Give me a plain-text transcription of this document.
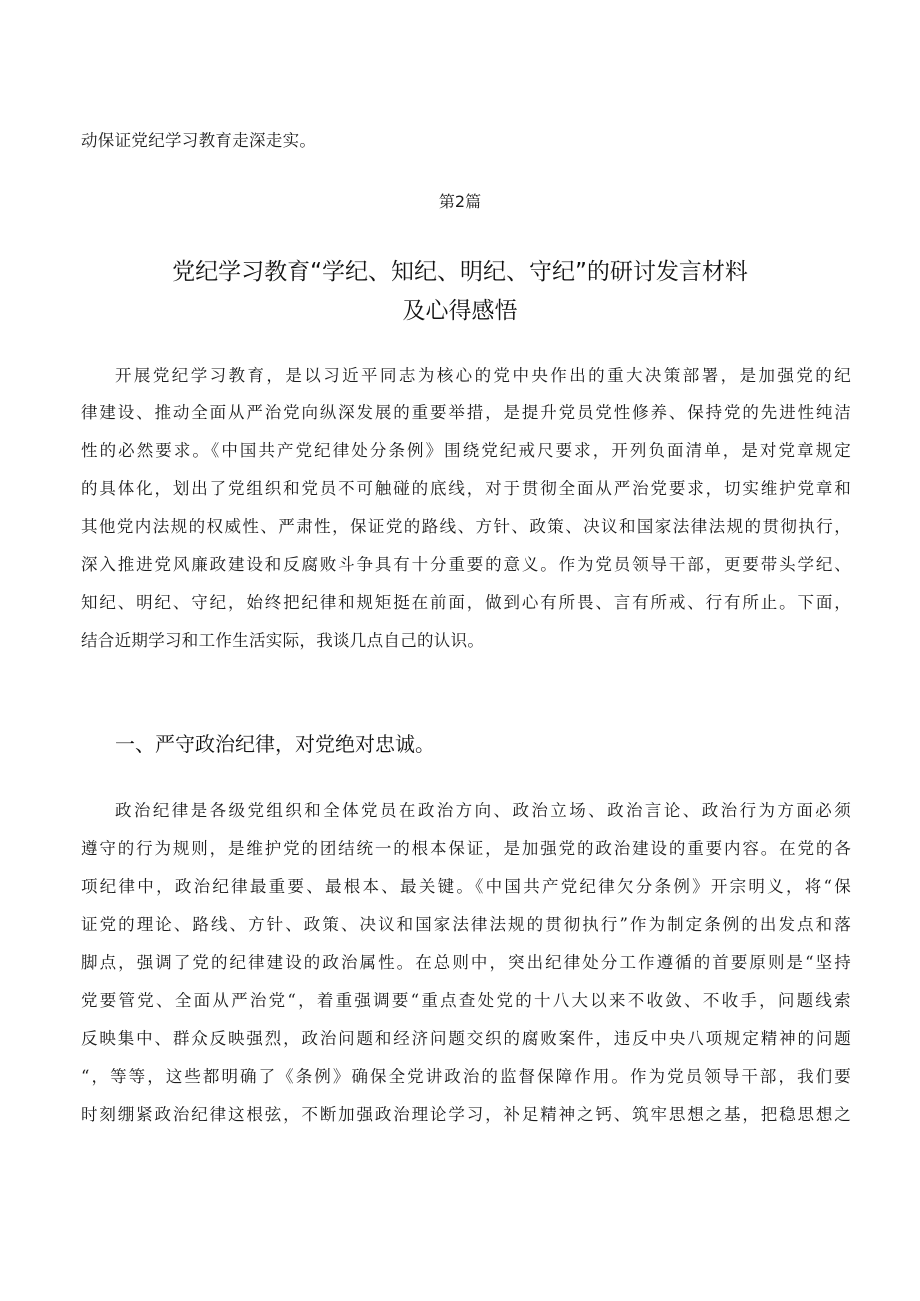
动保证党纪学习教育走深走实。
第2篇
党纪学习教育“学纪、知纪、明纪、守纪”的研讨发言材料
及心得感悟
开展党纪学习教育，是以习近平同志为核心的党中央作出的重大决策部署，是加强党的纪
律建设、推动全面从严治党向纵深发展的重要举措，是提升党员党性修养、保持党的先进性纯洁
性的必然要求。《中国共产党纪律处分条例》围绕党纪戒尺要求，开列负面清单，是对党章规定
的具体化，划出了党组织和党员不可触碰的底线，对于贯彻全面从严治党要求，切实维护党章和
其他党内法规的权威性、严肃性，保证党的路线、方针、政策、决议和国家法律法规的贯彻执行，
深入推进党风廉政建设和反腐败斗争具有十分重要的意义。作为党员领导干部，更要带头学纪、
知纪、明纪、守纪，始终把纪律和规矩挺在前面，做到心有所畏、言有所戒、行有所止。下面，
结合近期学习和工作生活实际，我谈几点自己的认识。
一、严守政治纪律，对党绝对忠诚。
政治纪律是各级党组织和全体党员在政治方向、政治立场、政治言论、政治行为方面必须
遵守的行为规则，是维护党的团结统一的根本保证，是加强党的政治建设的重要内容。在党的各
项纪律中，政治纪律最重要、最根本、最关键。《中国共产党纪律欠分条例》开宗明义，将“保
证党的理论、路线、方针、政策、决议和国家法律法规的贯彻执行”作为制定条例的出发点和落
脚点，强调了党的纪律建设的政治属性。在总则中，突出纪律处分工作遵循的首要原则是“坚持
党要管党、全面从严治党“，着重强调要“重点查处党的十八大以来不收敛、不收手，问题线索
反映集中、群众反映强烈，政治问题和经济问题交织的腐败案件，违反中央八项规定精神的问题
“，等等，这些都明确了《条例》确保全党讲政治的监督保障作用。作为党员领导干部，我们要
时刻绷紧政治纪律这根弦，不断加强政治理论学习，补足精神之钙、筑牢思想之基，把稳思想之
